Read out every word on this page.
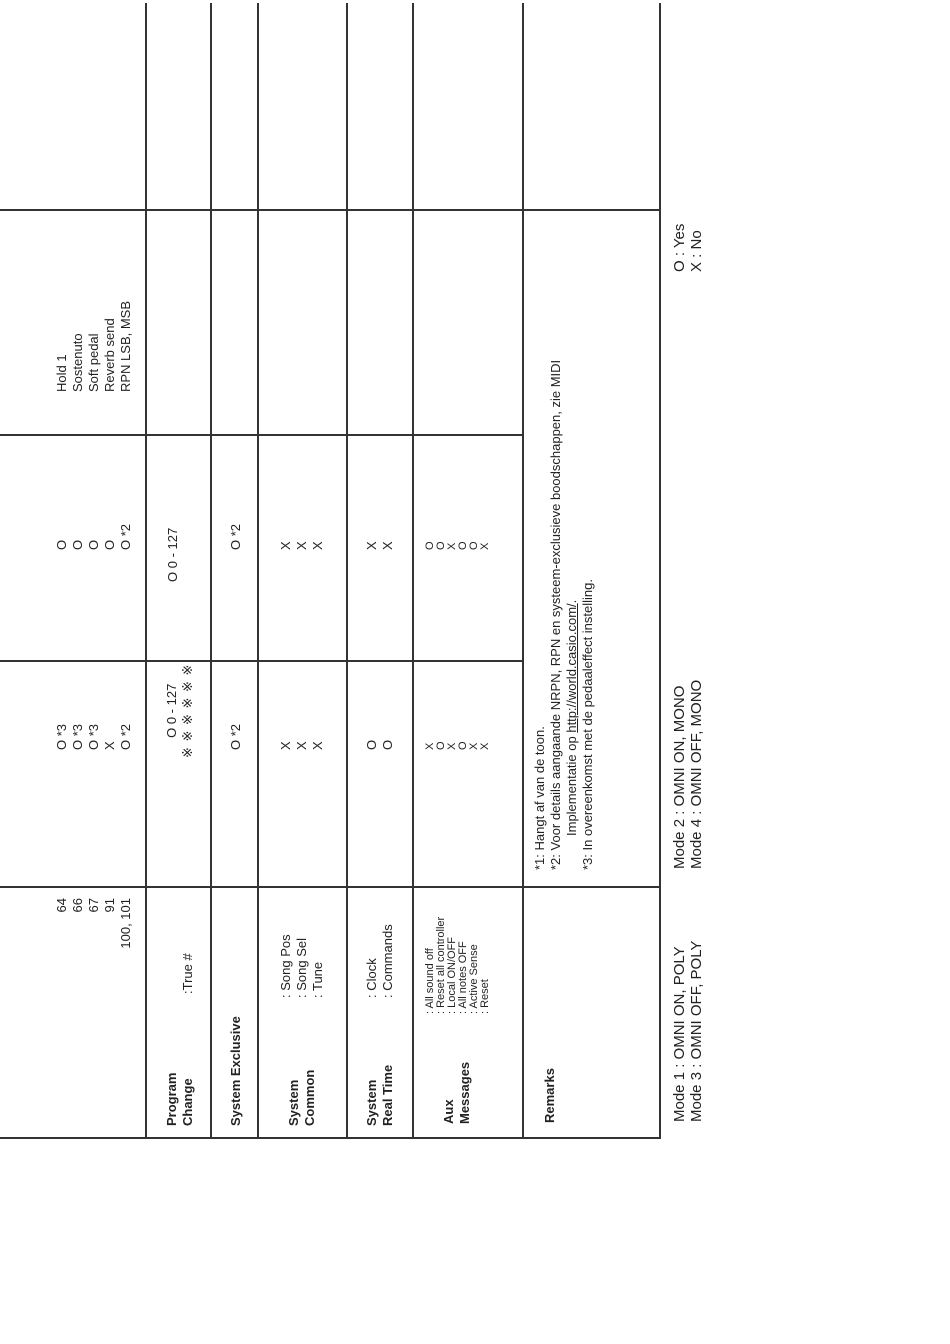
64 66 67 91 100, 101
O *3 O *3 O *3 X O *2
O O O O O *2
Hold 1 Sostenuto Soft pedal Reverb send RPN LSB, MSB
Program Change
:True #
O 0 - 127 ※ ※ ※ ※ ※ ※
O 0 - 127
System Exclusive
O *2
O *2
System Common
: Song Pos : Song Sel : Tune
X X X
X X X
System Real Time
: Clock : Commands
O O
X X
Aux Messages
: All sound off : Reset all controller : Local ON/OFF : All notes OFF : Active Sense : Reset
X O X O X X
O O X O O X
Remarks
*1: Hangt af van de toon. *2: Voor details aangaande NRPN, RPN en systeem-exclusieve boodschappen, zie MIDI Implementatie op http://world.casio.com/. *3: In overeenkomst met de pedaaleffect instelling.
Mode 1 : OMNI ON, POLY Mode 3 : OMNI OFF, POLY
Mode 2 : OMNI ON, MONO Mode 4 : OMNI OFF, MONO
O : Yes X : No
